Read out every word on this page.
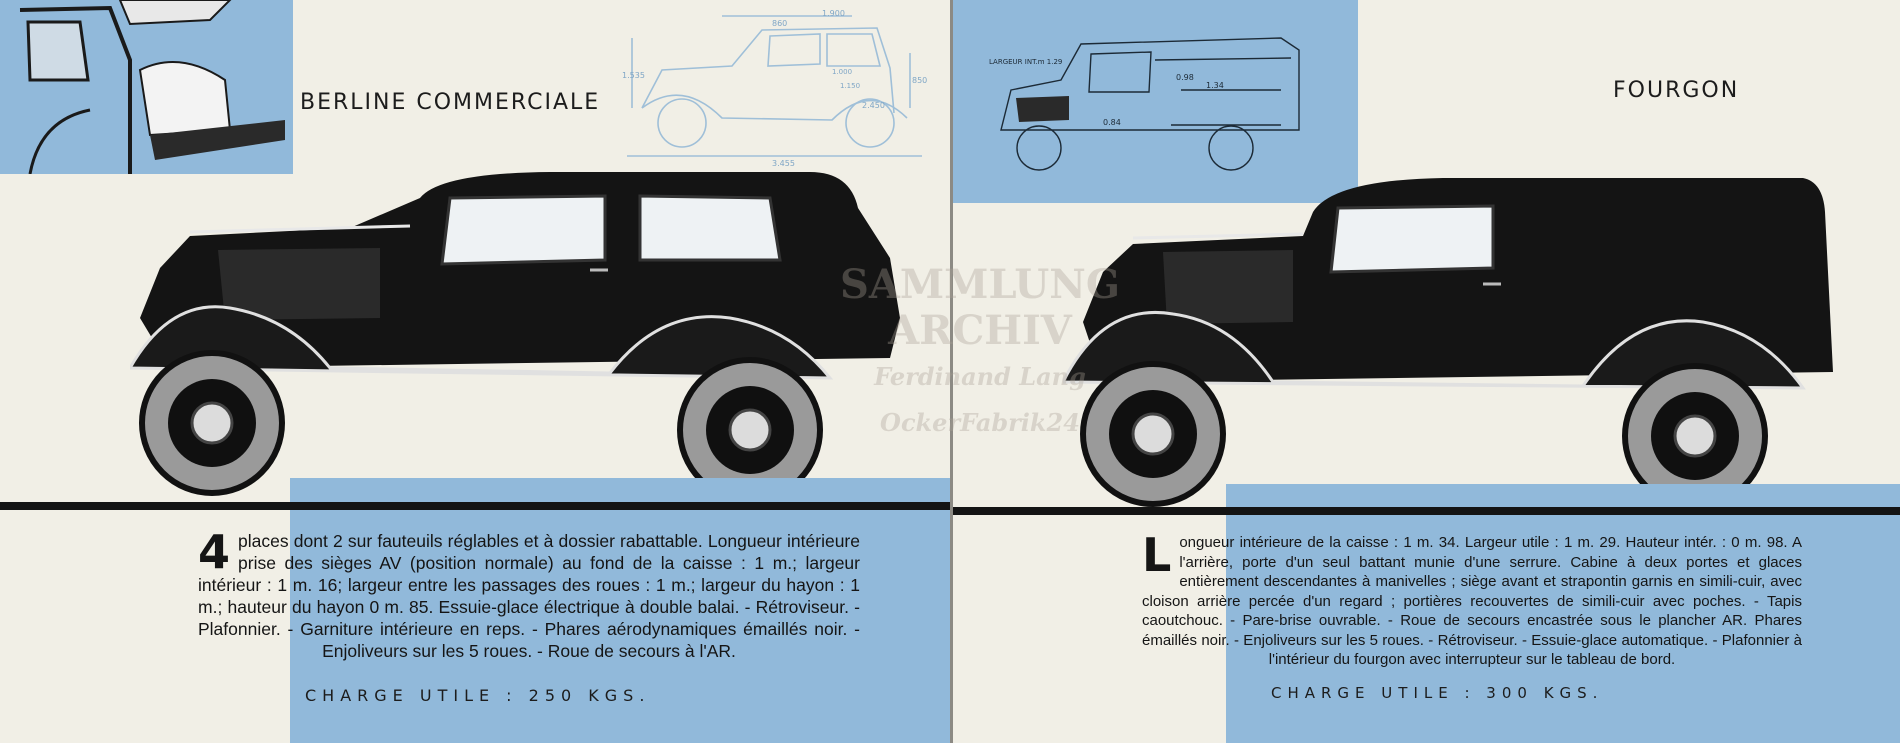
BERLINE COMMERCIALE
1.900
860
1.535
850
2.450
3.455
1.000
1.150
4 places dont 2 sur fauteuils réglables et à dossier rabattable. Longueur intérieure prise des sièges AV (position normale) au fond de la caisse : 1 m.; largeur intérieur : 1 m. 16; largeur entre les passages des roues : 1 m.; largeur du hayon : 1 m.; hauteur du hayon 0 m. 85. Essuie-glace électrique à double balai. - Rétroviseur. - Plafonnier. - Garniture intérieure en reps. - Phares aérodynamiques émaillés noir. - Enjoliveurs sur les 5 roues. - Roue de secours à l'AR.
CHARGE UTILE : 250 KGS.
LARGEUR INT.m 1.29
1.34
0.98
0.84
FOURGON
L ongueur intérieure de la caisse : 1 m. 34. Largeur utile : 1 m. 29. Hauteur intér. : 0 m. 98. A l'arrière, porte d'un seul battant munie d'une serrure. Cabine à deux portes et glaces entièrement descendantes à manivelles ; siège avant et strapontin garnis en simili-cuir, avec cloison arrière percée d'un regard ; portières recouvertes de simili-cuir avec poches. - Tapis caoutchouc. - Pare-brise ouvrable. - Roue de secours encastrée sous le plancher AR. Phares émaillés noir. - Enjoliveurs sur les 5 roues. - Rétroviseur. - Essuie-glace automatique. - Plafonnier à l'intérieur du fourgon avec interrupteur sur le tableau de bord.
CHARGE UTILE : 300 KGS.
SAMMLUNG
ARCHIV
Ferdinand Lang
OckerFabrik24
